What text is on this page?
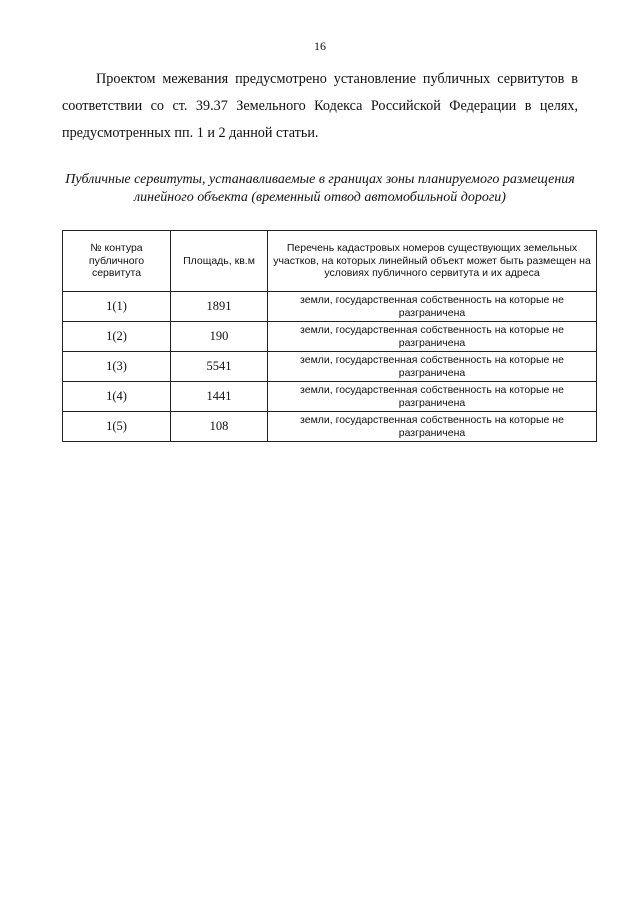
16

Проектом межевания предусмотрено установление публичных сервитутов в соответствии со ст. 39.37 Земельного Кодекса Российской Федерации в целях, предусмотренных пп. 1 и 2 данной статьи.

Публичные сервитуты, устанавливаемые в границах зоны планируемого размещения линейного объекта (временный отвод автомобильной дороги)

№ контура публичного сервитута	Площадь, кв.м	Перечень кадастровых номеров существующих земельных участков, на которых линейный объект может быть размещен на условиях публичного сервитута и их адреса
1(1)	1891	земли, государственная собственность на которые не разграничена
1(2)	190	земли, государственная собственность на которые не разграничена
1(3)	5541	земли, государственная собственность на которые не разграничена
1(4)	1441	земли, государственная собственность на которые не разграничена
1(5)	108	земли, государственная собственность на которые не разграничена
